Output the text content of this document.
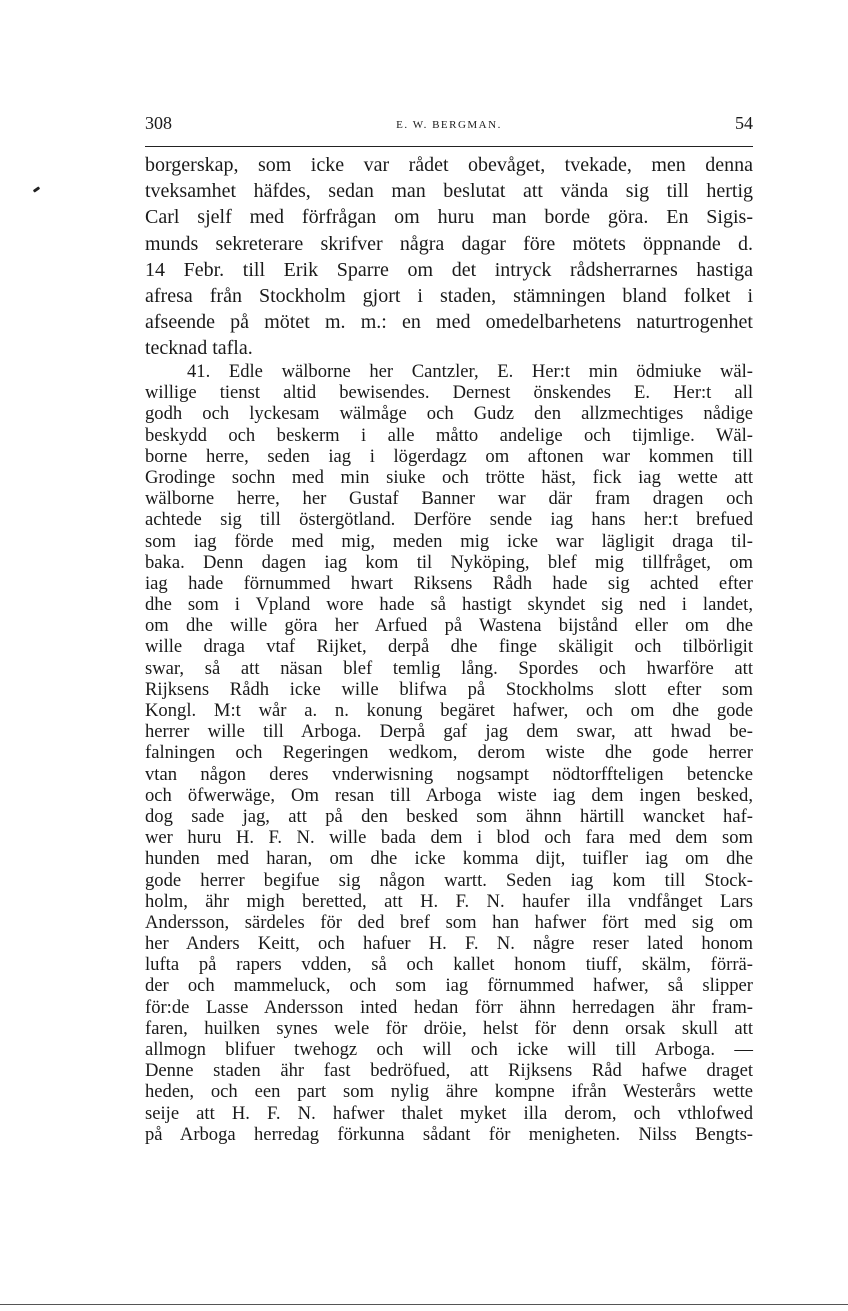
308	E. W. BERGMAN.	54
borgerskap, som icke var rådet obevåget, tvekade, men denna
tveksamhet häfdes, sedan man beslutat att vända sig till hertig
Carl sjelf med förfrågan om huru man borde göra. En Sigis-
munds sekreterare skrifver några dagar före mötets öppnande d.
14 Febr. till Erik Sparre om det intryck rådsherrarnes hastiga
afresa från Stockholm gjort i staden, stämningen bland folket i
afseende på mötet m. m.: en med omedelbarhetens naturtrogenhet
tecknad tafla.
41. Edle wälborne her Cantzler, E. Her:t min ödmiuke wäl-
willige tienst altid bewisendes. Dernest önskendes E. Her:t all
godh och lyckesam wälmåge och Gudz den allzmechtiges nådige
beskydd och beskerm i alle måtto andelige och tijmlige. Wäl-
borne herre, seden iag i lögerdagz om aftonen war kommen till
Grodinge sochn med min siuke och trötte häst, fick iag wette att
wälborne herre, her Gustaf Banner war där fram dragen och
achtede sig till östergötland. Derföre sende iag hans her:t brefued
som iag förde med mig, meden mig icke war lägligit draga til-
baka. Denn dagen iag kom til Nyköping, blef mig tillfråget, om
iag hade förnummed hwart Riksens Rådh hade sig achted efter
dhe som i Vpland wore hade så hastigt skyndet sig ned i landet,
om dhe wille göra her Arfued på Wastena bijstånd eller om dhe
wille draga vtaf Rijket, derpå dhe finge skäligit och tilbörligit
swar, så att näsan blef temlig lång. Spordes och hwarföre att
Rijksens Rådh icke wille blifwa på Stockholms slott efter som
Kongl. M:t wår a. n. konung begäret hafwer, och om dhe gode
herrer wille till Arboga. Derpå gaf jag dem swar, att hwad be-
falningen och Regeringen wedkom, derom wiste dhe gode herrer
vtan någon deres vnderwisning nogsampt nödtorffteligen betencke
och öfwerwäge, Om resan till Arboga wiste iag dem ingen besked,
dog sade jag, att på den besked som ähnn härtill wancket haf-
wer huru H. F. N. wille bada dem i blod och fara med dem som
hunden med haran, om dhe icke komma dijt, tuifler iag om dhe
gode herrer begifue sig någon wartt. Seden iag kom till Stock-
holm, ähr migh beretted, att H. F. N. haufer illa vndfånget Lars
Andersson, särdeles för ded bref som han hafwer fört med sig om
her Anders Keitt, och hafuer H. F. N. någre reser lated honom
lufta på rapers vdden, så och kallet honom tiuff, skälm, förrä-
der och mammeluck, och som iag förnummed hafwer, så slipper
för:de Lasse Andersson inted hedan förr ähnn herredagen ähr fram-
faren, huilken synes wele för dröie, helst för denn orsak skull att
allmogn blifuer twehogz och will och icke will till Arboga. —
Denne staden ähr fast bedröfued, att Rijksens Råd hafwe draget
heden, och een part som nylig ähre kompne ifrån Westerårs wette
seije att H. F. N. hafwer thalet myket illa derom, och vthlofwed
på Arboga herredag förkunna sådant för menigheten. Nilss Bengts-
